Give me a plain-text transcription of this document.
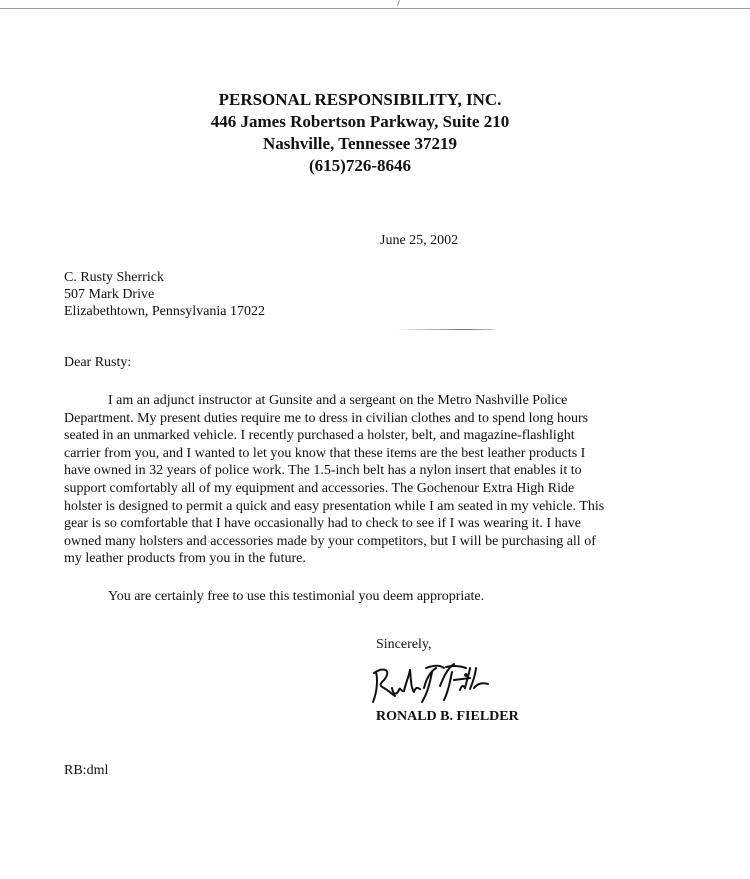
PERSONAL RESPONSIBILITY, INC.
446 James Robertson Parkway, Suite 210
Nashville, Tennessee 37219
(615)726-8646
June 25, 2002
C. Rusty Sherrick
507 Mark Drive
Elizabethtown, Pennsylvania 17022
Dear Rusty:
I am an adjunct instructor at Gunsite and a sergeant on the Metro Nashville Police
Department. My present duties require me to dress in civilian clothes and to spend long hours
seated in an unmarked vehicle. I recently purchased a holster, belt, and magazine-flashlight
carrier from you, and I wanted to let you know that these items are the best leather products I
have owned in 32 years of police work. The 1.5-inch belt has a nylon insert that enables it to
support comfortably all of my equipment and accessories. The Gochenour Extra High Ride
holster is designed to permit a quick and easy presentation while I am seated in my vehicle. This
gear is so comfortable that I have occasionally had to check to see if I was wearing it. I have
owned many holsters and accessories made by your competitors, but I will be purchasing all of
my leather products from you in the future.
You are certainly free to use this testimonial you deem appropriate.
Sincerely,
RONALD B. FIELDER
RB:dml
